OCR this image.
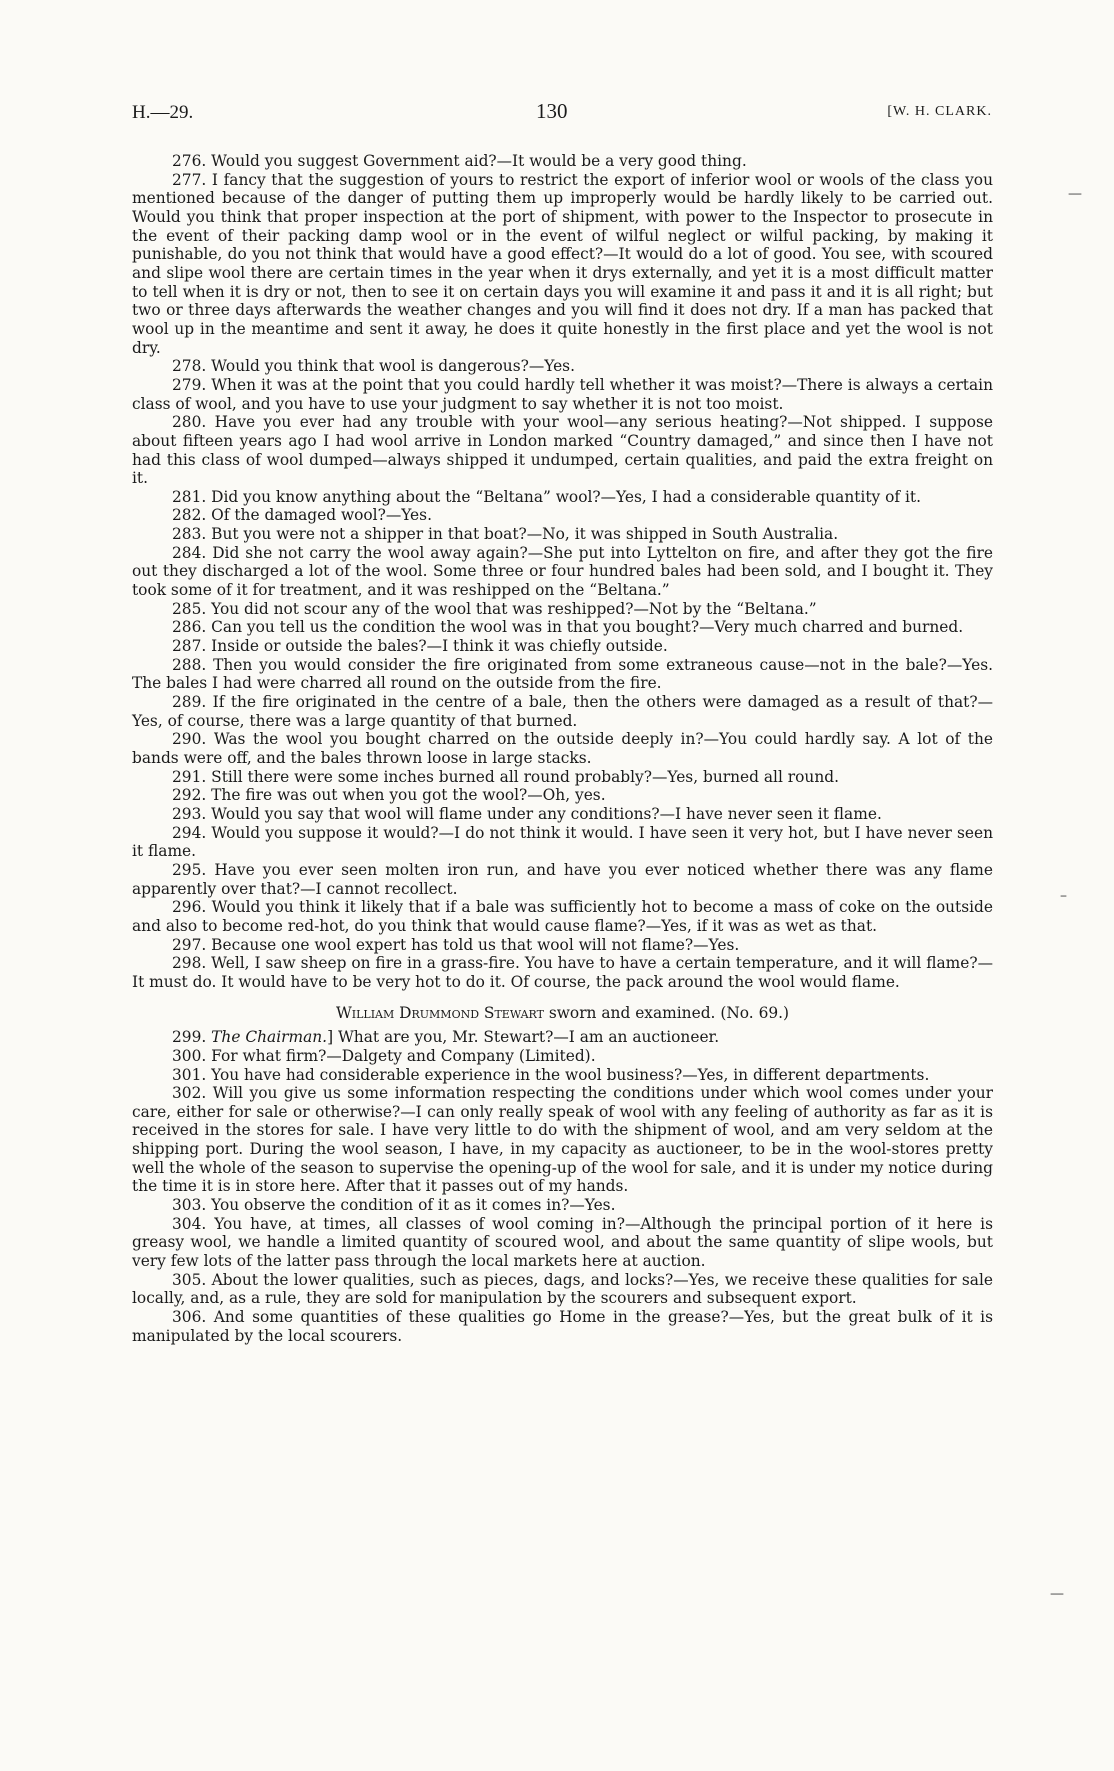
H.—29.	130	[W. H. CLARK.

276. Would you suggest Government aid?—It would be a very good thing.

277. I fancy that the suggestion of yours to restrict the export of inferior wool or wools of the class you mentioned because of the danger of putting them up improperly would be hardly likely to be carried out. Would you think that proper inspection at the port of shipment, with power to the Inspector to prosecute in the event of their packing damp wool or in the event of wilful neglect or wilful packing, by making it punishable, do you not think that would have a good effect?—It would do a lot of good. You see, with scoured and slipe wool there are certain times in the year when it drys externally, and yet it is a most difficult matter to tell when it is dry or not, then to see it on certain days you will examine it and pass it and it is all right; but two or three days afterwards the weather changes and you will find it does not dry. If a man has packed that wool up in the meantime and sent it away, he does it quite honestly in the first place and yet the wool is not dry.

278. Would you think that wool is dangerous?—Yes.

279. When it was at the point that you could hardly tell whether it was moist?—There is always a certain class of wool, and you have to use your judgment to say whether it is not too moist.

280. Have you ever had any trouble with your wool—any serious heating?—Not shipped. I suppose about fifteen years ago I had wool arrive in London marked “Country damaged,” and since then I have not had this class of wool dumped—always shipped it undumped, certain qualities, and paid the extra freight on it.

281. Did you know anything about the “Beltana” wool?—Yes, I had a considerable quantity of it.

282. Of the damaged wool?—Yes.

283. But you were not a shipper in that boat?—No, it was shipped in South Australia.

284. Did she not carry the wool away again?—She put into Lyttelton on fire, and after they got the fire out they discharged a lot of the wool. Some three or four hundred bales had been sold, and I bought it. They took some of it for treatment, and it was reshipped on the “Beltana.”

285. You did not scour any of the wool that was reshipped?—Not by the “Beltana.”

286. Can you tell us the condition the wool was in that you bought?—Very much charred and burned.

287. Inside or outside the bales?—I think it was chiefly outside.

288. Then you would consider the fire originated from some extraneous cause—not in the bale?—Yes. The bales I had were charred all round on the outside from the fire.

289. If the fire originated in the centre of a bale, then the others were damaged as a result of that?—Yes, of course, there was a large quantity of that burned.

290. Was the wool you bought charred on the outside deeply in?—You could hardly say. A lot of the bands were off, and the bales thrown loose in large stacks.

291. Still there were some inches burned all round probably?—Yes, burned all round.

292. The fire was out when you got the wool?—Oh, yes.

293. Would you say that wool will flame under any conditions?—I have never seen it flame.

294. Would you suppose it would?—I do not think it would. I have seen it very hot, but I have never seen it flame.

295. Have you ever seen molten iron run, and have you ever noticed whether there was any flame apparently over that?—I cannot recollect.

296. Would you think it likely that if a bale was sufficiently hot to become a mass of coke on the outside and also to become red-hot, do you think that would cause flame?—Yes, if it was as wet as that.

297. Because one wool expert has told us that wool will not flame?—Yes.

298. Well, I saw sheep on fire in a grass-fire. You have to have a certain temperature, and it will flame?—It must do. It would have to be very hot to do it. Of course, the pack around the wool would flame.

William Drummond Stewart sworn and examined. (No. 69.)

299. The Chairman.] What are you, Mr. Stewart?—I am an auctioneer.

300. For what firm?—Dalgety and Company (Limited).

301. You have had considerable experience in the wool business?—Yes, in different departments.

302. Will you give us some information respecting the conditions under which wool comes under your care, either for sale or otherwise?—I can only really speak of wool with any feeling of authority as far as it is received in the stores for sale. I have very little to do with the shipment of wool, and am very seldom at the shipping port. During the wool season, I have, in my capacity as auctioneer, to be in the wool-stores pretty well the whole of the season to supervise the opening-up of the wool for sale, and it is under my notice during the time it is in store here. After that it passes out of my hands.

303. You observe the condition of it as it comes in?—Yes.

304. You have, at times, all classes of wool coming in?—Although the principal portion of it here is greasy wool, we handle a limited quantity of scoured wool, and about the same quantity of slipe wools, but very few lots of the latter pass through the local markets here at auction.

305. About the lower qualities, such as pieces, dags, and locks?—Yes, we receive these qualities for sale locally, and, as a rule, they are sold for manipulation by the scourers and subsequent export.

306. And some quantities of these qualities go Home in the grease?—Yes, but the great bulk of it is manipulated by the local scourers.

—
–
—
